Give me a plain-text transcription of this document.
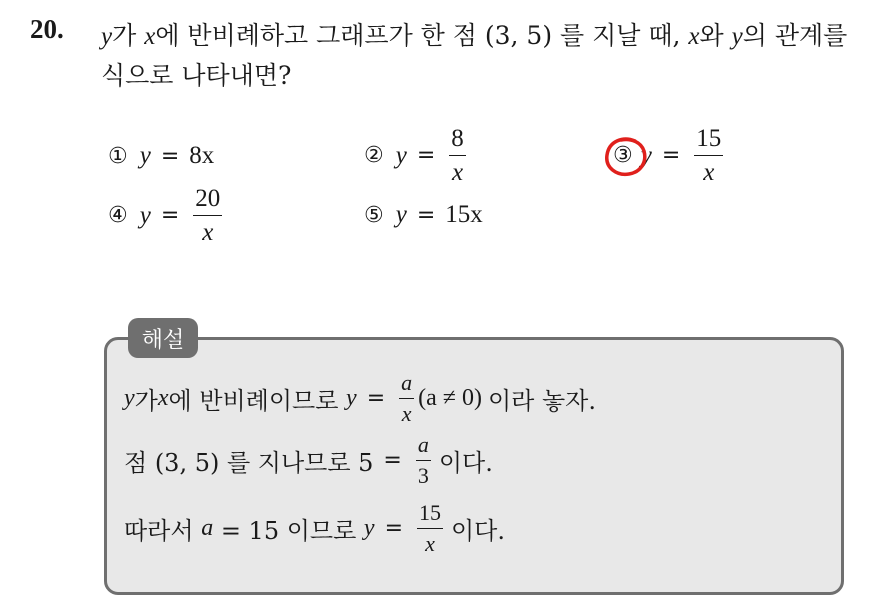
20. y가 x에 반비례하고 그래프가 한 점 (3, 5) 를 지날 때, x와 y의 관계를
식으로 나타내면?
① y = 8x	② $y = \frac{8}{x}$	③ $y = \frac{15}{x}$
④ $y = \frac{20}{x}$	⑤ y = 15x
해설
y 가 x 에 반비례이므로 $y = \frac{a}{x} (a \ne 0)$ 이라 놓자.
점 (3, 5) 를 지나므로 $5 = \frac{a}{3}$ 이다.
따라서 a = 15 이므로 $y = \frac{15}{x}$ 이다.
